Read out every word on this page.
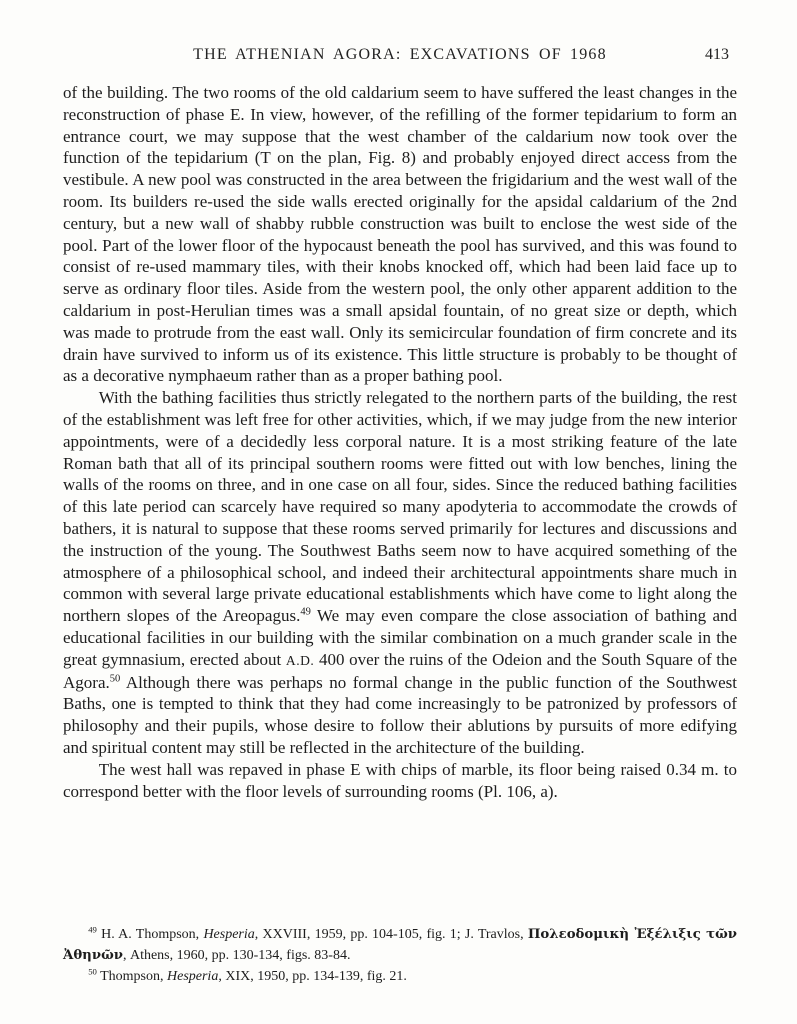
THE ATHENIAN AGORA: EXCAVATIONS OF 1968	413

of the building. The two rooms of the old caldarium seem to have suffered the least changes in the reconstruction of phase E. In view, however, of the refilling of the former tepidarium to form an entrance court, we may suppose that the west chamber of the caldarium now took over the function of the tepidarium (T on the plan, Fig. 8) and probably enjoyed direct access from the vestibule. A new pool was constructed in the area between the frigidarium and the west wall of the room. Its builders re-used the side walls erected originally for the apsidal caldarium of the 2nd century, but a new wall of shabby rubble construction was built to enclose the west side of the pool. Part of the lower floor of the hypocaust beneath the pool has survived, and this was found to consist of re-used mammary tiles, with their knobs knocked off, which had been laid face up to serve as ordinary floor tiles. Aside from the western pool, the only other apparent addition to the caldarium in post-Herulian times was a small apsidal fountain, of no great size or depth, which was made to protrude from the east wall. Only its semicircular foundation of firm concrete and its drain have survived to inform us of its existence. This little structure is probably to be thought of as a decorative nymphaeum rather than as a proper bathing pool.

With the bathing facilities thus strictly relegated to the northern parts of the building, the rest of the establishment was left free for other activities, which, if we may judge from the new interior appointments, were of a decidedly less corporal nature. It is a most striking feature of the late Roman bath that all of its principal southern rooms were fitted out with low benches, lining the walls of the rooms on three, and in one case on all four, sides. Since the reduced bathing facilities of this late period can scarcely have required so many apodyteria to accommodate the crowds of bathers, it is natural to suppose that these rooms served primarily for lectures and discussions and the instruction of the young. The Southwest Baths seem now to have acquired something of the atmosphere of a philosophical school, and indeed their architectural appointments share much in common with several large private educational establishments which have come to light along the northern slopes of the Areopagus.$^{49}$ We may even compare the close association of bathing and educational facilities in our building with the similar combination on a much grander scale in the great gymnasium, erected about A.D. 400 over the ruins of the Odeion and the South Square of the Agora.$^{50}$ Although there was perhaps no formal change in the public function of the Southwest Baths, one is tempted to think that they had come increasingly to be patronized by professors of philosophy and their pupils, whose desire to follow their ablutions by pursuits of more edifying and spiritual content may still be reflected in the architecture of the building.

The west hall was repaved in phase E with chips of marble, its floor being raised 0.34 m. to correspond better with the floor levels of surrounding rooms (Pl. 106, a).

$^{49}$ H. A. Thompson, Hesperia, XXVIII, 1959, pp. 104-105, fig. 1; J. Travlos, Πολεοδομικὴ Ἐξέλιξις τῶν Ἀθηνῶν, Athens, 1960, pp. 130-134, figs. 83-84.

$^{50}$ Thompson, Hesperia, XIX, 1950, pp. 134-139, fig. 21.
